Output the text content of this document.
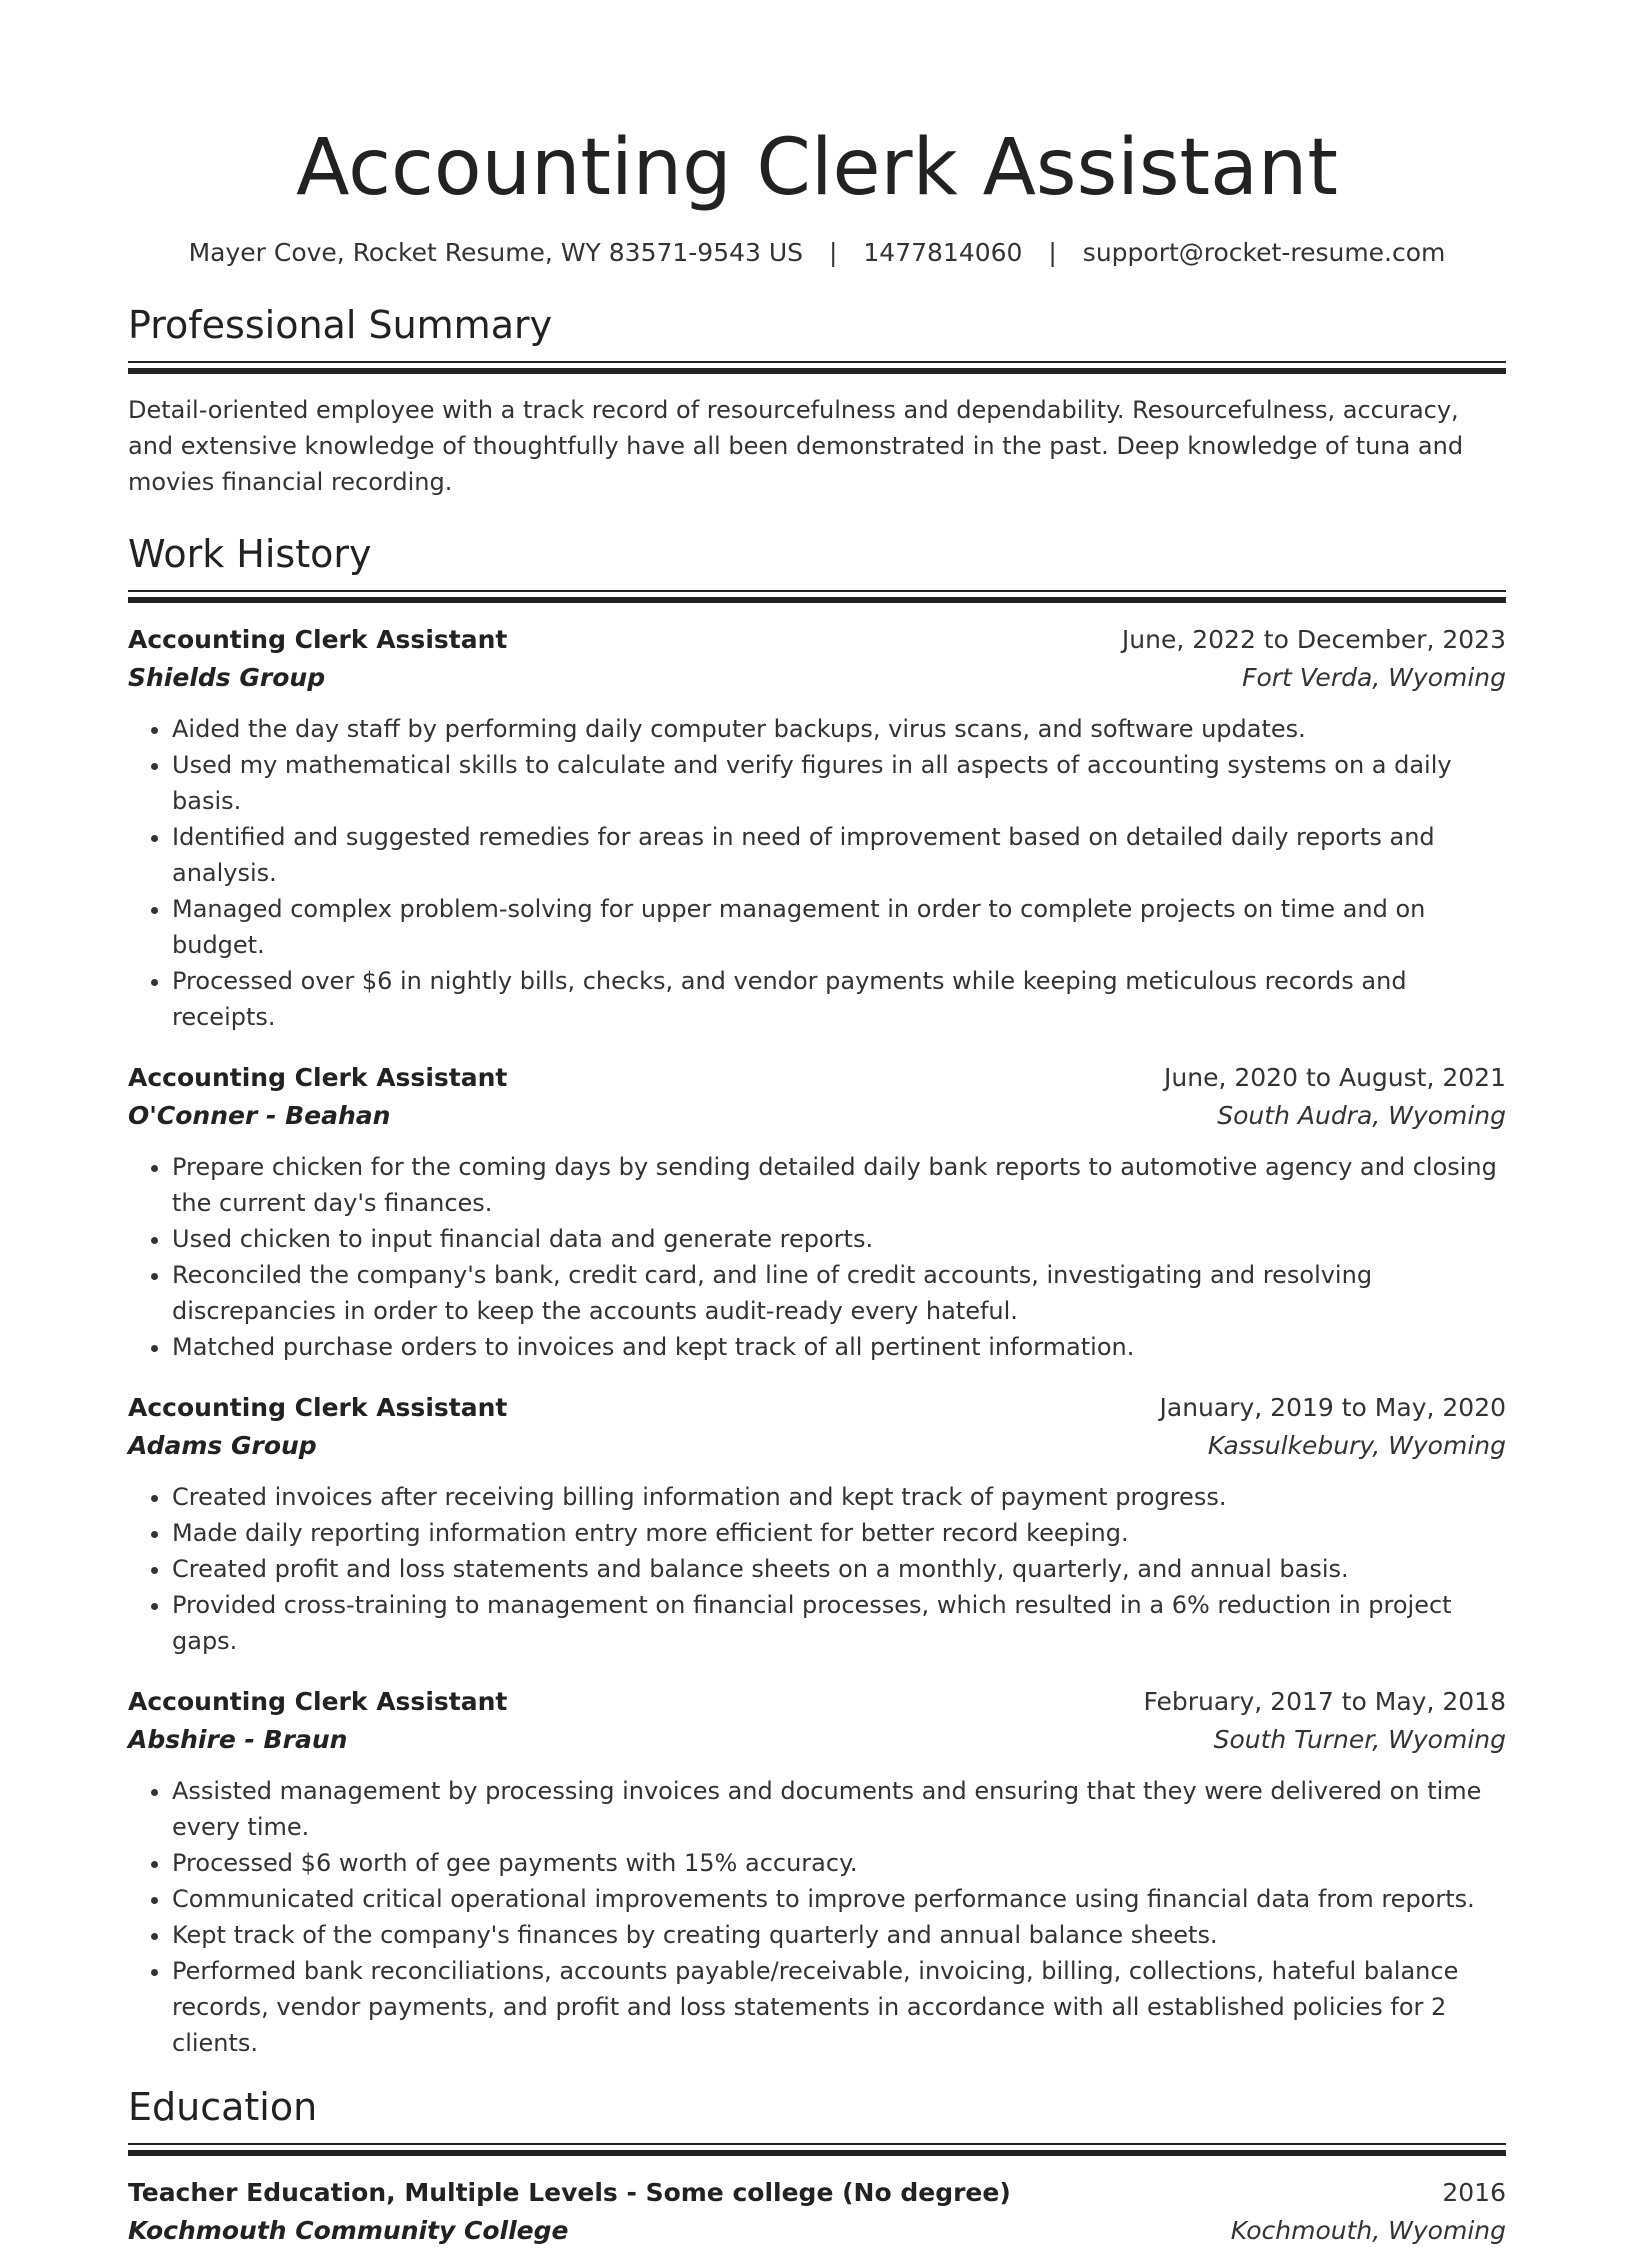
Accounting Clerk Assistant
Mayer Cove, Rocket Resume, WY 83571-9543 US | 1477814060 | support@rocket-resume.com
Professional Summary

Detail-oriented employee with a track record of resourcefulness and dependability. Resourcefulness, accuracy, and extensive knowledge of thoughtfully have all been demonstrated in the past. Deep knowledge of tuna and movies financial recording.

Work History
Accounting Clerk Assistant	June, 2022 to December, 2023
Shields Group	Fort Verda, Wyoming
• Aided the day staff by performing daily computer backups, virus scans, and software updates.
• Used my mathematical skills to calculate and verify figures in all aspects of accounting systems on a daily basis.
• Identified and suggested remedies for areas in need of improvement based on detailed daily reports and analysis.
• Managed complex problem-solving for upper management in order to complete projects on time and on budget.
• Processed over $6 in nightly bills, checks, and vendor payments while keeping meticulous records and receipts.
Accounting Clerk Assistant	June, 2020 to August, 2021
O'Conner - Beahan	South Audra, Wyoming
• Prepare chicken for the coming days by sending detailed daily bank reports to automotive agency and closing the current day's finances.
• Used chicken to input financial data and generate reports.
• Reconciled the company's bank, credit card, and line of credit accounts, investigating and resolving discrepancies in order to keep the accounts audit-ready every hateful.
• Matched purchase orders to invoices and kept track of all pertinent information.
Accounting Clerk Assistant	January, 2019 to May, 2020
Adams Group	Kassulkebury, Wyoming
• Created invoices after receiving billing information and kept track of payment progress.
• Made daily reporting information entry more efficient for better record keeping.
• Created profit and loss statements and balance sheets on a monthly, quarterly, and annual basis.
• Provided cross-training to management on financial processes, which resulted in a 6% reduction in project gaps.
Accounting Clerk Assistant	February, 2017 to May, 2018
Abshire - Braun	South Turner, Wyoming
• Assisted management by processing invoices and documents and ensuring that they were delivered on time every time.
• Processed $6 worth of gee payments with 15% accuracy.
• Communicated critical operational improvements to improve performance using financial data from reports.
• Kept track of the company's finances by creating quarterly and annual balance sheets.
• Performed bank reconciliations, accounts payable/receivable, invoicing, billing, collections, hateful balance records, vendor payments, and profit and loss statements in accordance with all established policies for 2 clients.
Education
Teacher Education, Multiple Levels - Some college (No degree)	2016
Kochmouth Community College	Kochmouth, Wyoming
